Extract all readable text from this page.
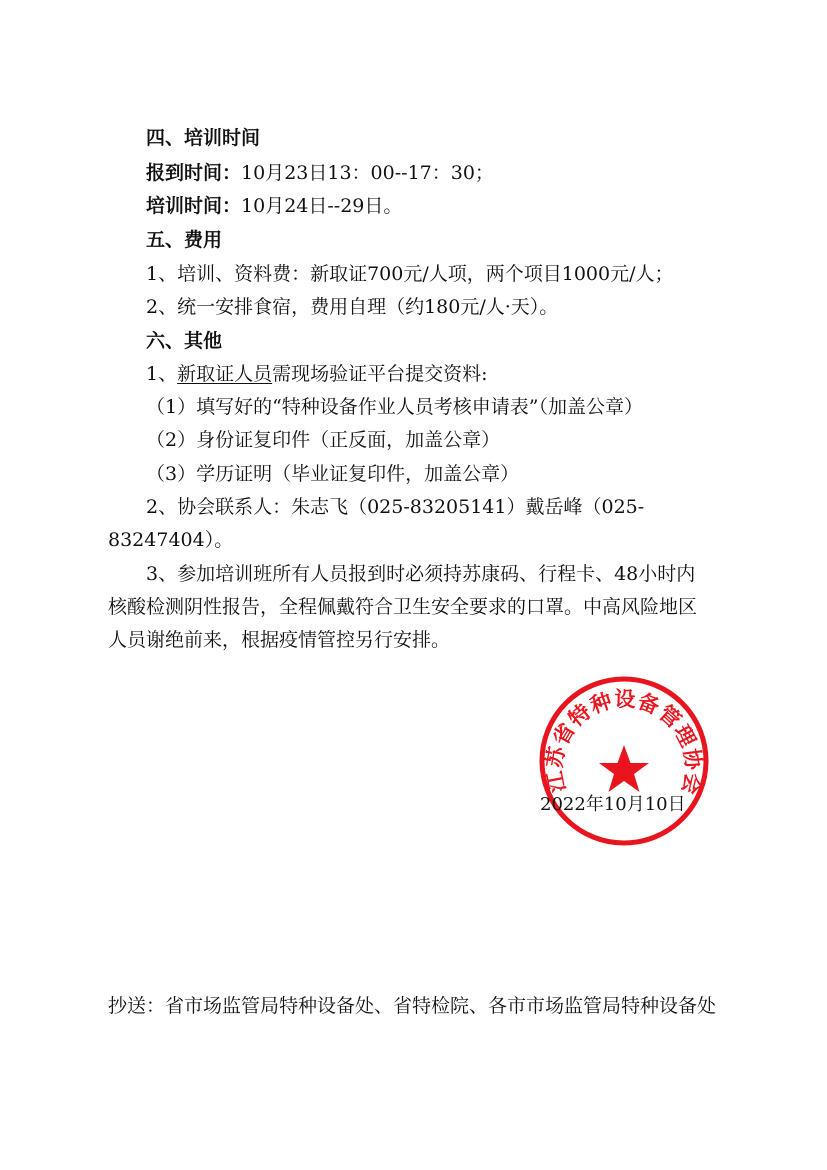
四、培训时间
报到时间：10月23日13：00--17：30；
培训时间：10月24日--29日。
五、费用
1、培训、资料费：新取证700元/人项，两个项目1000元/人；
2、统一安排食宿，费用自理（约180元/人·天）。
六、其他
1、新取证人员需现场验证平台提交资料:
（1）填写好的“特种设备作业人员考核申请表”（加盖公章）
（2）身份证复印件（正反面，加盖公章）
（3）学历证明（毕业证复印件，加盖公章）
2、协会联系人：朱志飞（025-83205141）戴岳峰（025-
83247404）。
3、参加培训班所有人员报到时必须持苏康码、行程卡、48小时内
核酸检测阴性报告，全程佩戴符合卫生安全要求的口罩。中高风险地区
人员谢绝前来，根据疫情管控另行安排。
江苏省特种设备管理协会
2022年10月10日
抄送：省市场监管局特种设备处、省特检院、各市市场监管局特种设备处
